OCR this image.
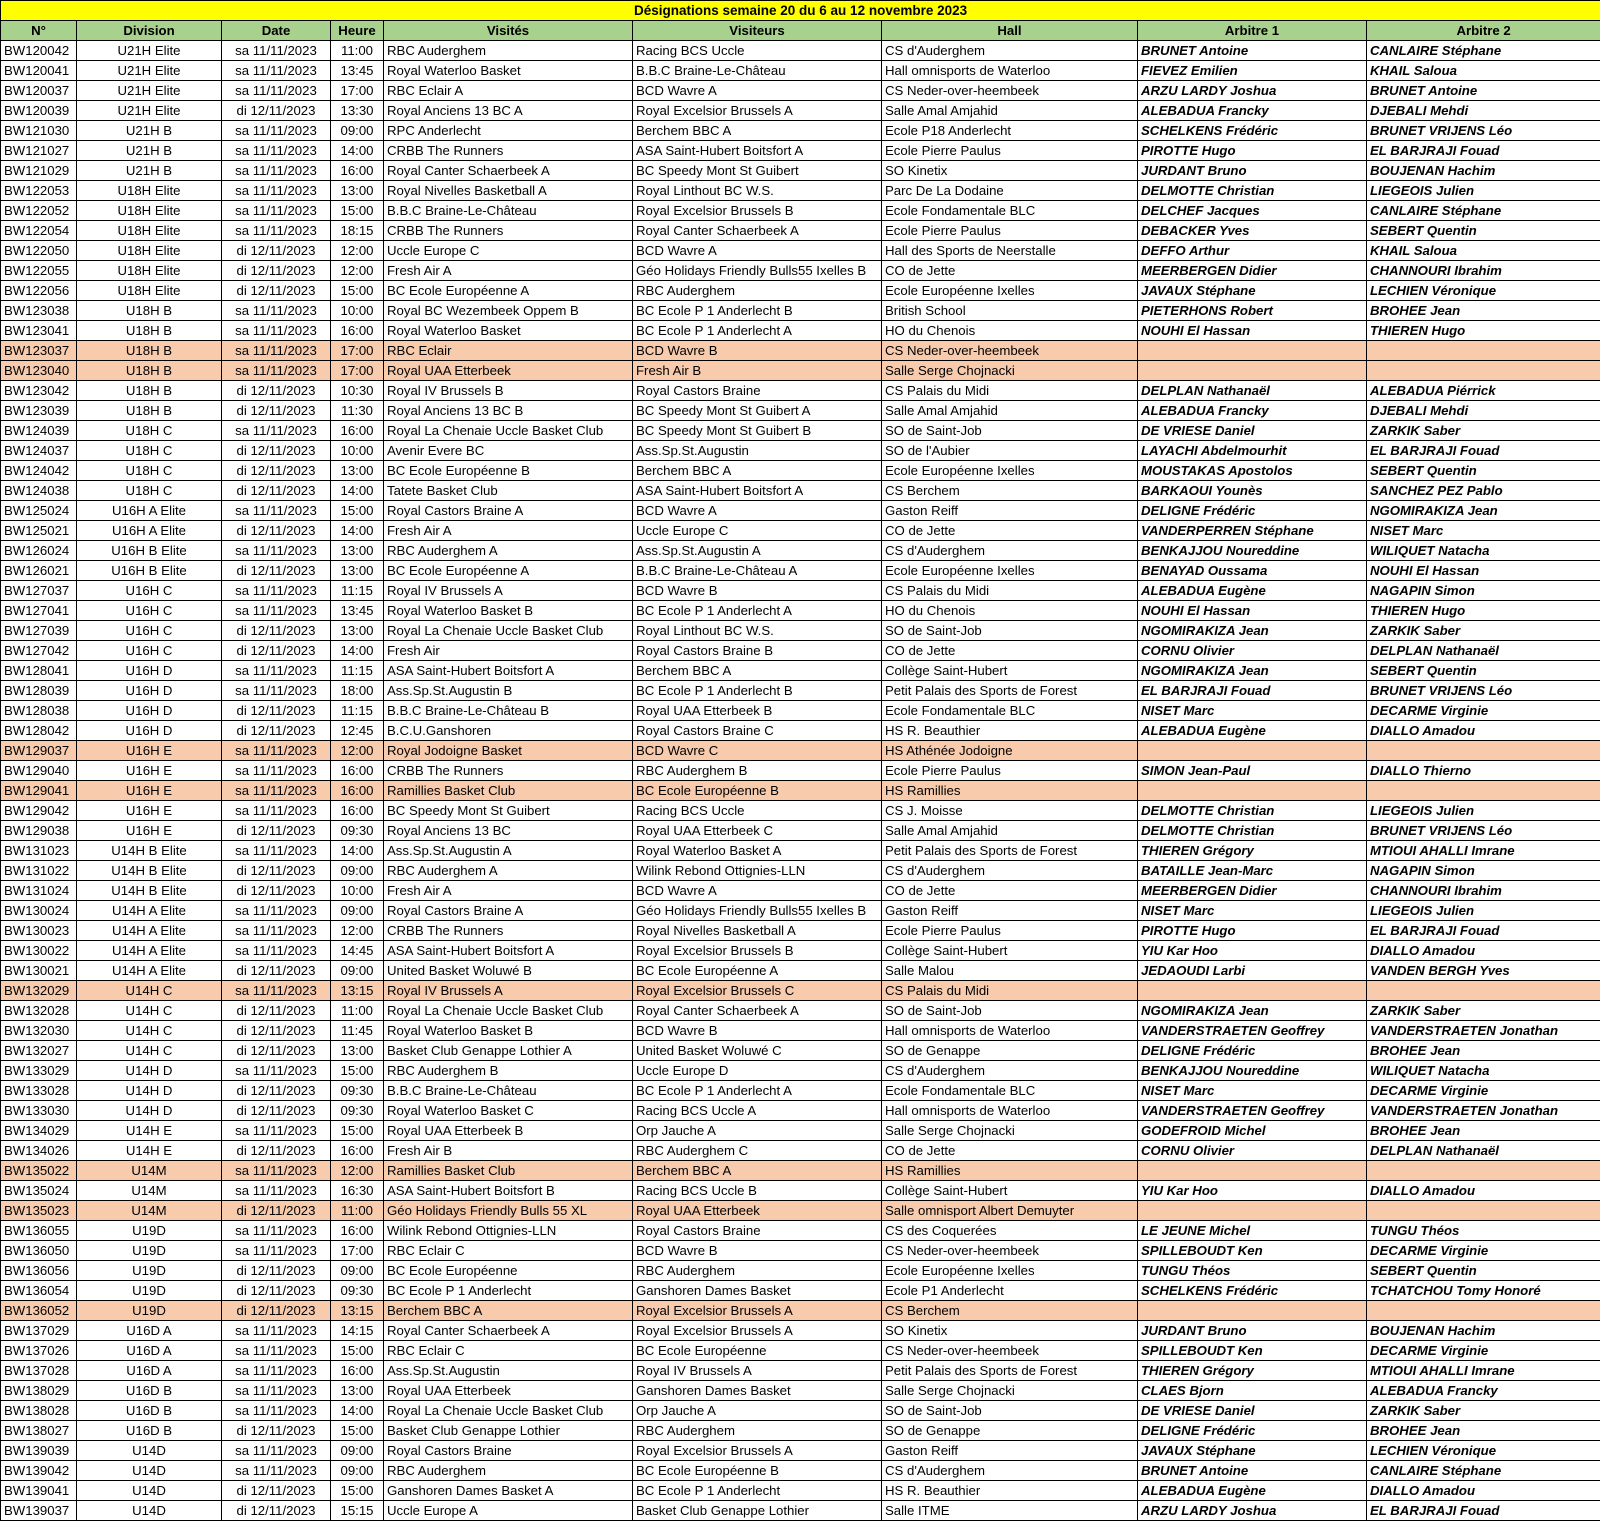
Désignations semaine 20 du 6 au 12 novembre 2023								
N°	Division	Date	Heure	Visités	Visiteurs	Hall	Arbitre 1	Arbitre 2
BW120042	U21H Elite	sa 11/11/2023	11:00	RBC Auderghem	Racing BCS Uccle	CS d'Auderghem	BRUNET Antoine	CANLAIRE Stéphane
BW120041	U21H Elite	sa 11/11/2023	13:45	Royal Waterloo Basket	B.B.C Braine-Le-Château	Hall omnisports de Waterloo	FIEVEZ Emilien	KHAIL Saloua
BW120037	U21H Elite	sa 11/11/2023	17:00	RBC Eclair A	BCD Wavre A	CS Neder-over-heembeek	ARZU LARDY Joshua	BRUNET Antoine
BW120039	U21H Elite	di 12/11/2023	13:30	Royal Anciens 13 BC A	Royal Excelsior Brussels A	Salle Amal Amjahid	ALEBADUA Francky	DJEBALI Mehdi
BW121030	U21H B	sa 11/11/2023	09:00	RPC Anderlecht	Berchem BBC A	Ecole P18 Anderlecht	SCHELKENS Frédéric	BRUNET VRIJENS Léo
BW121027	U21H B	sa 11/11/2023	14:00	CRBB The Runners	ASA Saint-Hubert Boitsfort A	Ecole Pierre Paulus	PIROTTE Hugo	EL BARJRAJI Fouad
BW121029	U21H B	sa 11/11/2023	16:00	Royal Canter Schaerbeek A	BC Speedy Mont St Guibert	SO Kinetix	JURDANT Bruno	BOUJENAN Hachim
BW122053	U18H Elite	sa 11/11/2023	13:00	Royal Nivelles Basketball A	Royal Linthout BC W.S.	Parc De La Dodaine	DELMOTTE Christian	LIEGEOIS Julien
BW122052	U18H Elite	sa 11/11/2023	15:00	B.B.C Braine-Le-Château	Royal Excelsior Brussels B	Ecole Fondamentale BLC	DELCHEF Jacques	CANLAIRE Stéphane
BW122054	U18H Elite	sa 11/11/2023	18:15	CRBB The Runners	Royal Canter Schaerbeek A	Ecole Pierre Paulus	DEBACKER Yves	SEBERT Quentin
BW122050	U18H Elite	di 12/11/2023	12:00	Uccle Europe C	BCD Wavre A	Hall des Sports de Neerstalle	DEFFO Arthur	KHAIL Saloua
BW122055	U18H Elite	di 12/11/2023	12:00	Fresh Air A	Géo Holidays Friendly Bulls55 Ixelles B	CO de Jette	MEERBERGEN Didier	CHANNOURI Ibrahim
BW122056	U18H Elite	di 12/11/2023	15:00	BC Ecole Européenne A	RBC Auderghem	Ecole Européenne Ixelles	JAVAUX Stéphane	LECHIEN Véronique
BW123038	U18H B	sa 11/11/2023	10:00	Royal BC Wezembeek Oppem B	BC Ecole P 1 Anderlecht B	British School	PIETERHONS Robert	BROHEE Jean
BW123041	U18H B	sa 11/11/2023	16:00	Royal Waterloo Basket	BC Ecole P 1 Anderlecht A	HO du Chenois	NOUHI El Hassan	THIEREN Hugo
BW123037	U18H B	sa 11/11/2023	17:00	RBC Eclair	BCD Wavre B	CS Neder-over-heembeek		
BW123040	U18H B	sa 11/11/2023	17:00	Royal UAA Etterbeek	Fresh Air B	Salle Serge Chojnacki		
BW123042	U18H B	di 12/11/2023	10:30	Royal IV Brussels B	Royal Castors Braine	CS Palais du Midi	DELPLAN Nathanaël	ALEBADUA Piérrick
BW123039	U18H B	di 12/11/2023	11:30	Royal Anciens 13 BC B	BC Speedy Mont St Guibert A	Salle Amal Amjahid	ALEBADUA Francky	DJEBALI Mehdi
BW124039	U18H C	sa 11/11/2023	16:00	Royal La Chenaie Uccle Basket Club	BC Speedy Mont St Guibert B	SO de Saint-Job	DE VRIESE Daniel	ZARKIK Saber
BW124037	U18H C	di 12/11/2023	10:00	Avenir Evere BC	Ass.Sp.St.Augustin	SO de l'Aubier	LAYACHI Abdelmourhit	EL BARJRAJI Fouad
BW124042	U18H C	di 12/11/2023	13:00	BC Ecole Européenne B	Berchem BBC A	Ecole Européenne Ixelles	MOUSTAKAS Apostolos	SEBERT Quentin
BW124038	U18H C	di 12/11/2023	14:00	Tatete Basket Club	ASA Saint-Hubert Boitsfort A	CS Berchem	BARKAOUI Younès	SANCHEZ PEZ Pablo
BW125024	U16H A Elite	sa 11/11/2023	15:00	Royal Castors Braine A	BCD Wavre A	Gaston Reiff	DELIGNE Frédéric	NGOMIRAKIZA Jean
BW125021	U16H A Elite	di 12/11/2023	14:00	Fresh Air A	Uccle Europe C	CO de Jette	VANDERPERREN Stéphane	NISET Marc
BW126024	U16H B Elite	sa 11/11/2023	13:00	RBC Auderghem A	Ass.Sp.St.Augustin A	CS d'Auderghem	BENKAJJOU Noureddine	WILIQUET Natacha
BW126021	U16H B Elite	di 12/11/2023	13:00	BC Ecole Européenne A	B.B.C Braine-Le-Château A	Ecole Européenne Ixelles	BENAYAD Oussama	NOUHI El Hassan
BW127037	U16H C	sa 11/11/2023	11:15	Royal IV Brussels A	BCD Wavre B	CS Palais du Midi	ALEBADUA Eugène	NAGAPIN Simon
BW127041	U16H C	sa 11/11/2023	13:45	Royal Waterloo Basket B	BC Ecole P 1 Anderlecht A	HO du Chenois	NOUHI El Hassan	THIEREN Hugo
BW127039	U16H C	di 12/11/2023	13:00	Royal La Chenaie Uccle Basket Club	Royal Linthout BC W.S.	SO de Saint-Job	NGOMIRAKIZA Jean	ZARKIK Saber
BW127042	U16H C	di 12/11/2023	14:00	Fresh Air	Royal Castors Braine B	CO de Jette	CORNU Olivier	DELPLAN Nathanaël
BW128041	U16H D	sa 11/11/2023	11:15	ASA Saint-Hubert Boitsfort A	Berchem BBC A	Collège Saint-Hubert	NGOMIRAKIZA Jean	SEBERT Quentin
BW128039	U16H D	sa 11/11/2023	18:00	Ass.Sp.St.Augustin B	BC Ecole P 1 Anderlecht B	Petit Palais des Sports de Forest	EL BARJRAJI Fouad	BRUNET VRIJENS Léo
BW128038	U16H D	di 12/11/2023	11:15	B.B.C Braine-Le-Château B	Royal UAA Etterbeek B	Ecole Fondamentale BLC	NISET Marc	DECARME Virginie
BW128042	U16H D	di 12/11/2023	12:45	B.C.U.Ganshoren	Royal Castors Braine C	HS R. Beauthier	ALEBADUA Eugène	DIALLO Amadou
BW129037	U16H E	sa 11/11/2023	12:00	Royal Jodoigne Basket	BCD Wavre C	HS Athénée Jodoigne		
BW129040	U16H E	sa 11/11/2023	16:00	CRBB The Runners	RBC Auderghem B	Ecole Pierre Paulus	SIMON Jean-Paul	DIALLO Thierno
BW129041	U16H E	sa 11/11/2023	16:00	Ramillies Basket Club	BC Ecole Européenne B	HS Ramillies		
BW129042	U16H E	sa 11/11/2023	16:00	BC Speedy Mont St Guibert	Racing BCS Uccle	CS J. Moisse	DELMOTTE Christian	LIEGEOIS Julien
BW129038	U16H E	di 12/11/2023	09:30	Royal Anciens 13 BC	Royal UAA Etterbeek C	Salle Amal Amjahid	DELMOTTE Christian	BRUNET VRIJENS Léo
BW131023	U14H B Elite	sa 11/11/2023	14:00	Ass.Sp.St.Augustin A	Royal Waterloo Basket A	Petit Palais des Sports de Forest	THIEREN Grégory	MTIOUI AHALLI Imrane
BW131022	U14H B Elite	di 12/11/2023	09:00	RBC Auderghem A	Wilink Rebond Ottignies-LLN	CS d'Auderghem	BATAILLE Jean-Marc	NAGAPIN Simon
BW131024	U14H B Elite	di 12/11/2023	10:00	Fresh Air A	BCD Wavre A	CO de Jette	MEERBERGEN Didier	CHANNOURI Ibrahim
BW130024	U14H A Elite	sa 11/11/2023	09:00	Royal Castors Braine A	Géo Holidays Friendly Bulls55 Ixelles B	Gaston Reiff	NISET Marc	LIEGEOIS Julien
BW130023	U14H A Elite	sa 11/11/2023	12:00	CRBB The Runners	Royal Nivelles Basketball A	Ecole Pierre Paulus	PIROTTE Hugo	EL BARJRAJI Fouad
BW130022	U14H A Elite	sa 11/11/2023	14:45	ASA Saint-Hubert Boitsfort A	Royal Excelsior Brussels B	Collège Saint-Hubert	YIU Kar Hoo	DIALLO Amadou
BW130021	U14H A Elite	di 12/11/2023	09:00	United Basket Woluwé B	BC Ecole Européenne A	Salle Malou	JEDAOUDI Larbi	VANDEN BERGH Yves
BW132029	U14H C	sa 11/11/2023	13:15	Royal IV Brussels A	Royal Excelsior Brussels C	CS Palais du Midi		
BW132028	U14H C	di 12/11/2023	11:00	Royal La Chenaie Uccle Basket Club	Royal Canter Schaerbeek A	SO de Saint-Job	NGOMIRAKIZA Jean	ZARKIK Saber
BW132030	U14H C	di 12/11/2023	11:45	Royal Waterloo Basket B	BCD Wavre B	Hall omnisports de Waterloo	VANDERSTRAETEN Geoffrey	VANDERSTRAETEN Jonathan
BW132027	U14H C	di 12/11/2023	13:00	Basket Club Genappe Lothier A	United Basket Woluwé C	SO de Genappe	DELIGNE Frédéric	BROHEE Jean
BW133029	U14H D	sa 11/11/2023	15:00	RBC Auderghem B	Uccle Europe D	CS d'Auderghem	BENKAJJOU Noureddine	WILIQUET Natacha
BW133028	U14H D	di 12/11/2023	09:30	B.B.C Braine-Le-Château	BC Ecole P 1 Anderlecht A	Ecole Fondamentale BLC	NISET Marc	DECARME Virginie
BW133030	U14H D	di 12/11/2023	09:30	Royal Waterloo Basket C	Racing BCS Uccle A	Hall omnisports de Waterloo	VANDERSTRAETEN Geoffrey	VANDERSTRAETEN Jonathan
BW134029	U14H E	sa 11/11/2023	15:00	Royal UAA Etterbeek B	Orp Jauche A	Salle Serge Chojnacki	GODEFROID Michel	BROHEE Jean
BW134026	U14H E	di 12/11/2023	16:00	Fresh Air B	RBC Auderghem C	CO de Jette	CORNU Olivier	DELPLAN Nathanaël
BW135022	U14M	sa 11/11/2023	12:00	Ramillies Basket Club	Berchem BBC A	HS Ramillies		
BW135024	U14M	sa 11/11/2023	16:30	ASA Saint-Hubert Boitsfort B	Racing BCS Uccle B	Collège Saint-Hubert	YIU Kar Hoo	DIALLO Amadou
BW135023	U14M	di 12/11/2023	11:00	Géo Holidays Friendly Bulls 55 XL	Royal UAA Etterbeek	Salle omnisport Albert Demuyter		
BW136055	U19D	sa 11/11/2023	16:00	Wilink Rebond Ottignies-LLN	Royal Castors Braine	CS des Coquerées	LE JEUNE Michel	TUNGU Théos
BW136050	U19D	sa 11/11/2023	17:00	RBC Eclair C	BCD Wavre B	CS Neder-over-heembeek	SPILLEBOUDT Ken	DECARME Virginie
BW136056	U19D	di 12/11/2023	09:00	BC Ecole Européenne	RBC Auderghem	Ecole Européenne Ixelles	TUNGU Théos	SEBERT Quentin
BW136054	U19D	di 12/11/2023	09:30	BC Ecole P 1 Anderlecht	Ganshoren Dames Basket	Ecole P1 Anderlecht	SCHELKENS Frédéric	TCHATCHOU Tomy Honoré
BW136052	U19D	di 12/11/2023	13:15	Berchem BBC A	Royal Excelsior Brussels A	CS Berchem		
BW137029	U16D A	sa 11/11/2023	14:15	Royal Canter Schaerbeek A	Royal Excelsior Brussels A	SO Kinetix	JURDANT Bruno	BOUJENAN Hachim
BW137026	U16D A	sa 11/11/2023	15:00	RBC Eclair C	BC Ecole Européenne	CS Neder-over-heembeek	SPILLEBOUDT Ken	DECARME Virginie
BW137028	U16D A	sa 11/11/2023	16:00	Ass.Sp.St.Augustin	Royal IV Brussels A	Petit Palais des Sports de Forest	THIEREN Grégory	MTIOUI AHALLI Imrane
BW138029	U16D B	sa 11/11/2023	13:00	Royal UAA Etterbeek	Ganshoren Dames Basket	Salle Serge Chojnacki	CLAES Bjorn	ALEBADUA Francky
BW138028	U16D B	sa 11/11/2023	14:00	Royal La Chenaie Uccle Basket Club	Orp Jauche A	SO de Saint-Job	DE VRIESE Daniel	ZARKIK Saber
BW138027	U16D B	di 12/11/2023	15:00	Basket Club Genappe Lothier	RBC Auderghem	SO de Genappe	DELIGNE Frédéric	BROHEE Jean
BW139039	U14D	sa 11/11/2023	09:00	Royal Castors Braine	Royal Excelsior Brussels A	Gaston Reiff	JAVAUX Stéphane	LECHIEN Véronique
BW139042	U14D	sa 11/11/2023	09:00	RBC Auderghem	BC Ecole Européenne B	CS d'Auderghem	BRUNET Antoine	CANLAIRE Stéphane
BW139041	U14D	di 12/11/2023	15:00	Ganshoren Dames Basket A	BC Ecole P 1 Anderlecht	HS R. Beauthier	ALEBADUA Eugène	DIALLO Amadou
BW139037	U14D	di 12/11/2023	15:15	Uccle Europe A	Basket Club Genappe Lothier	Salle ITME	ARZU LARDY Joshua	EL BARJRAJI Fouad
